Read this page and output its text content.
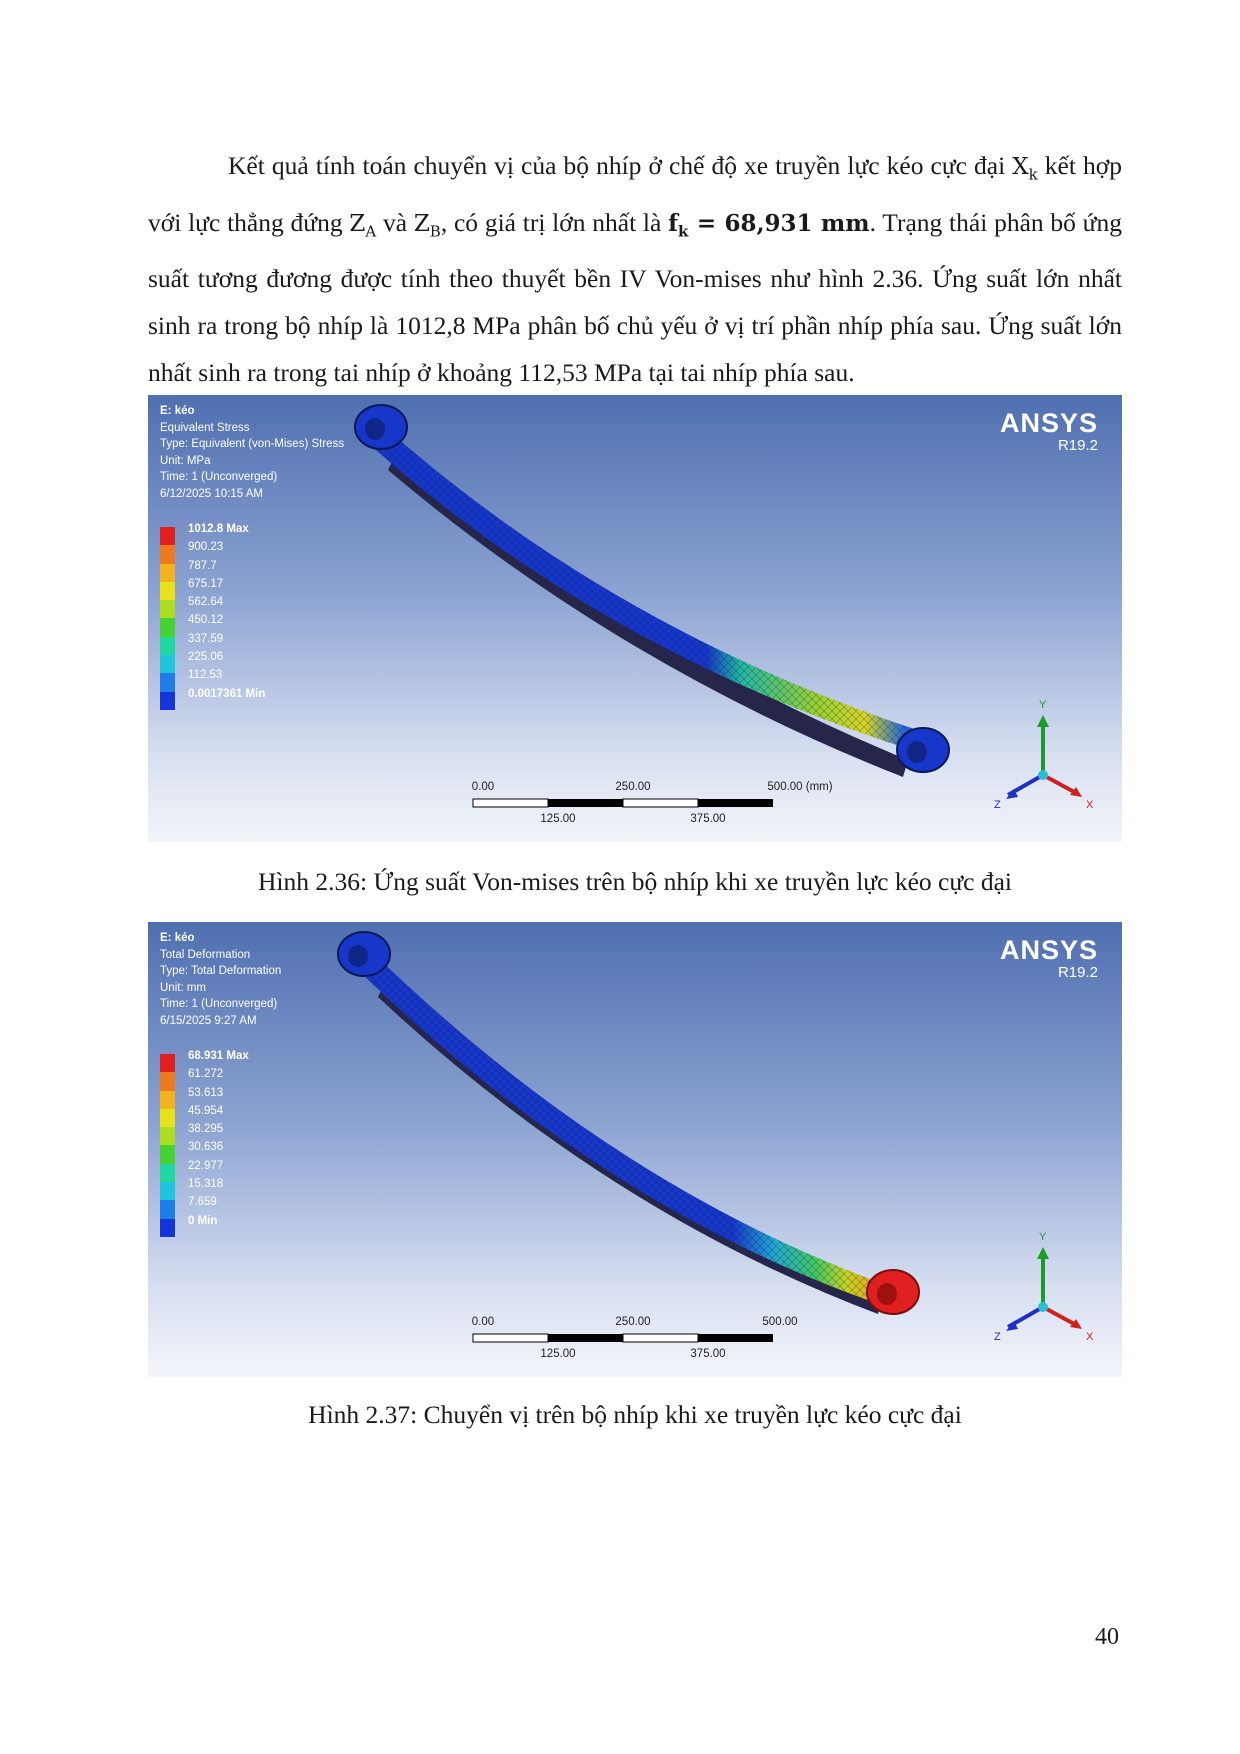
Kết quả tính toán chuyển vị của bộ nhíp ở chế độ xe truyền lực kéo cực đại $X_k$ kết hợp với lực thẳng đứng $Z_A$ và $Z_B$, có giá trị lớn nhất là $f_k = 68,931$ mm. Trạng thái phân bố ứng suất tương đương được tính theo thuyết bền IV Von-mises như hình 2.36. Ứng suất lớn nhất sinh ra trong bộ nhíp là 1012,8 MPa phân bố chủ yếu ở vị trí phần nhíp phía sau. Ứng suất lớn nhất sinh ra trong tai nhíp ở khoảng 112,53 MPa tại tai nhíp phía sau.

E: kéo
Equivalent Stress
Type: Equivalent (von-Mises) Stress
Unit: MPa
Time: 1 (Unconverged)
6/12/2025 10:15 AM
1012.8 Max
900.23
787.7
675.17
562.64
450.12
337.59
225.06
112.53
0.0017361 Min
ANSYS
R19.2
0.00	250.00	500.00 (mm)
125.00	375.00
Y
Z	X
Hình 2.36: Ứng suất Von-mises trên bộ nhíp khi xe truyền lực kéo cực đại
E: kéo
Total Deformation
Type: Total Deformation
Unit: mm
Time: 1 (Unconverged)
6/15/2025 9:27 AM
68.931 Max
61.272
53.613
45.954
38.295
30.636
22.977
15.318
7.659
0 Min
ANSYS
R19.2
0.00	250.00	500.00
125.00	375.00
Y
Z	X
Hình 2.37: Chuyển vị trên bộ nhíp khi xe truyền lực kéo cực đại
40
